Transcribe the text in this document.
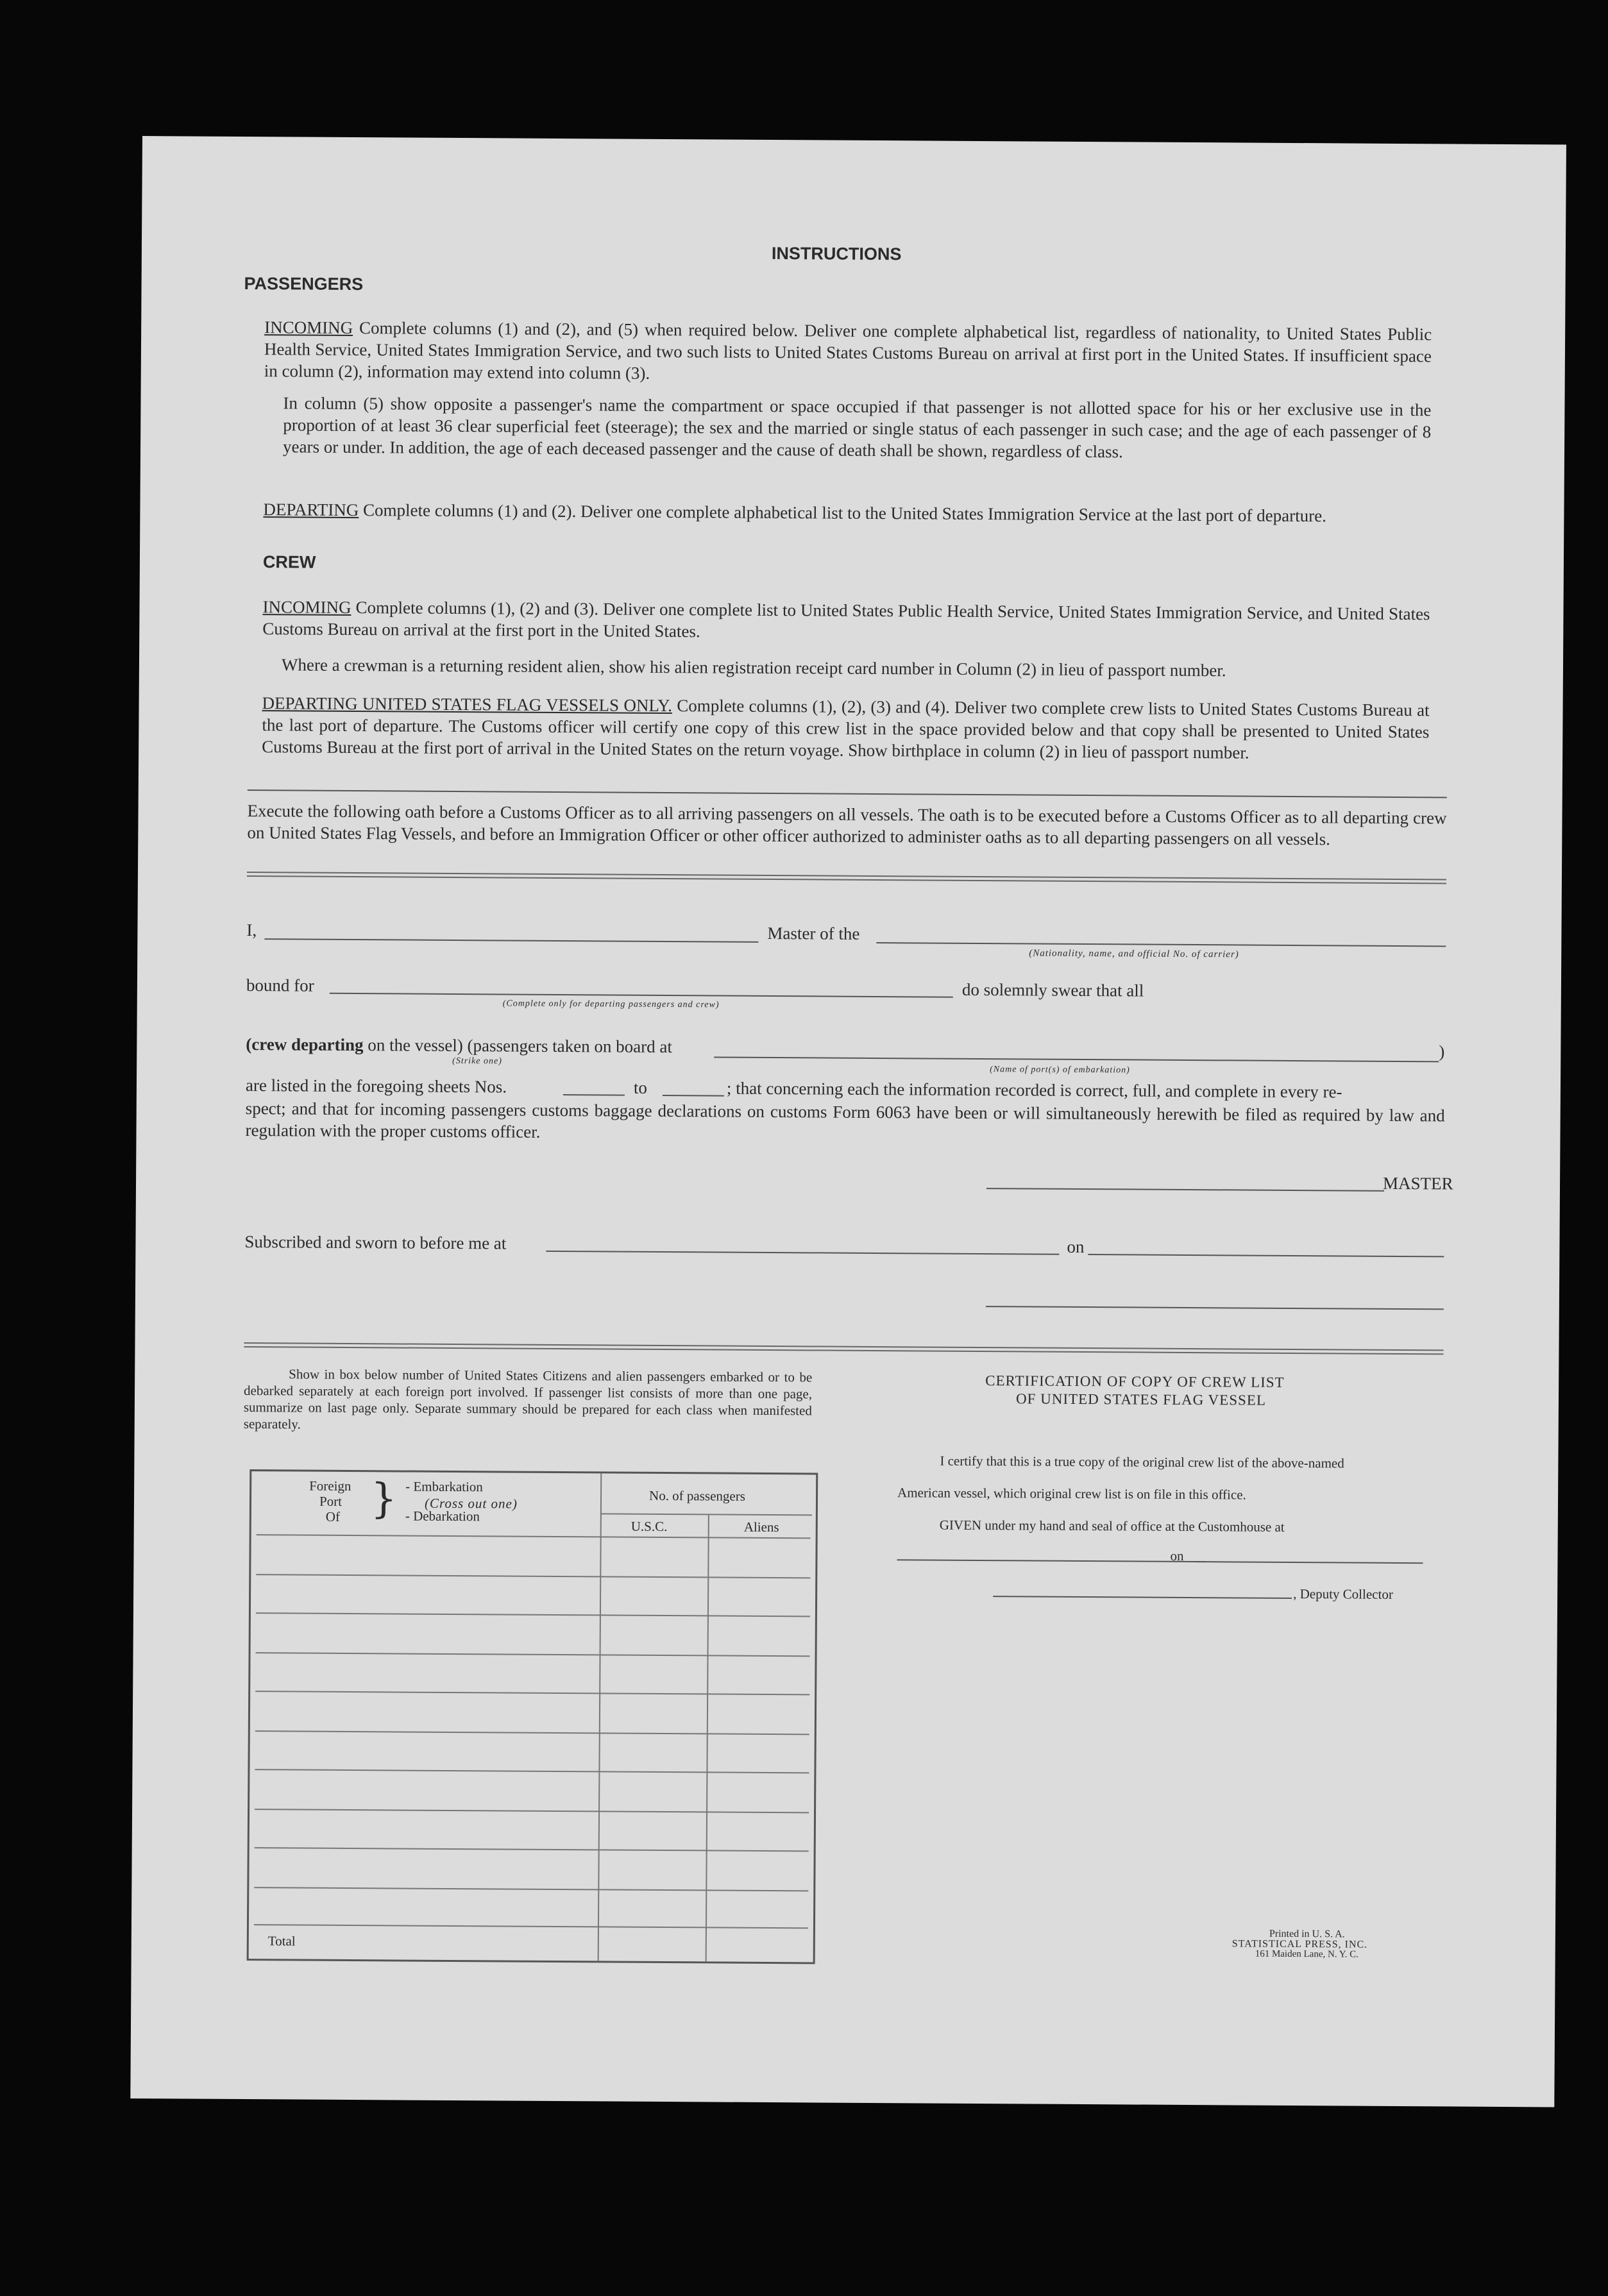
INSTRUCTIONS
PASSENGERS
INCOMING Complete columns (1) and (2), and (5) when required below. Deliver one complete alphabetical list, regardless of nationality, to United States Public Health Service, United States Immigration Service, and two such lists to United States Customs Bureau on arrival at first port in the United States. If insufficient space in column (2), information may extend into column (3).
In column (5) show opposite a passenger's name the compartment or space occupied if that passenger is not allotted space for his or her exclusive use in the proportion of at least 36 clear superficial feet (steerage); the sex and the married or single status of each passenger in such case; and the age of each passenger of 8 years or under. In addition, the age of each deceased passenger and the cause of death shall be shown, regardless of class.
DEPARTING Complete columns (1) and (2). Deliver one complete alphabetical list to the United States Immigration Service at the last port of departure.
CREW
INCOMING Complete columns (1), (2) and (3). Deliver one complete list to United States Public Health Service, United States Immigration Service, and United States Customs Bureau on arrival at the first port in the United States.
Where a crewman is a returning resident alien, show his alien registration receipt card number in Column (2) in lieu of passport number.
DEPARTING UNITED STATES FLAG VESSELS ONLY. Complete columns (1), (2), (3) and (4). Deliver two complete crew lists to United States Customs Bureau at the last port of departure. The Customs officer will certify one copy of this crew list in the space provided below and that copy shall be presented to United States Customs Bureau at the first port of arrival in the United States on the return voyage. Show birthplace in column (2) in lieu of passport number.
Execute the following oath before a Customs Officer as to all arriving passengers on all vessels. The oath is to be executed before a Customs Officer as to all departing crew on United States Flag Vessels, and before an Immigration Officer or other officer authorized to administer oaths as to all departing passengers on all vessels.
I,	Master of the
(Nationality, name, and official No. of carrier)
bound for
(Complete only for departing passengers and crew)
do solemnly swear that all
(crew departing on the vessel) (passengers taken on board at
(Strike one)
(Name of port(s) of embarkation)
)
are listed in the foregoing sheets Nos.	to	; that concerning each the information recorded is correct, full, and complete in every re-
spect; and that for incoming passengers customs baggage declarations on customs Form 6063 have been or will simultaneously herewith be filed as required by law and regulation with the proper customs officer.
MASTER
Subscribed and sworn to before me at	on
Show in box below number of United States Citizens and alien passengers embarked or to be debarked separately at each foreign port involved. If passenger list consists of more than one page, summarize on last page only. Separate summary should be prepared for each class when manifested separately.
Foreign
Port
Of } - Embarkation
(Cross out one)
- Debarkation
No. of passengers
U.S.C.	Aliens
Total
CERTIFICATION OF COPY OF CREW LIST
OF UNITED STATES FLAG VESSEL
I certify that this is a true copy of the original crew list of the above-named
American vessel, which original crew list is on file in this office.
GIVEN under my hand and seal of office at the Customhouse at
on
, Deputy Collector
Printed in U. S. A.
STATISTICAL PRESS, INC.
161 Maiden Lane, N. Y. C.
